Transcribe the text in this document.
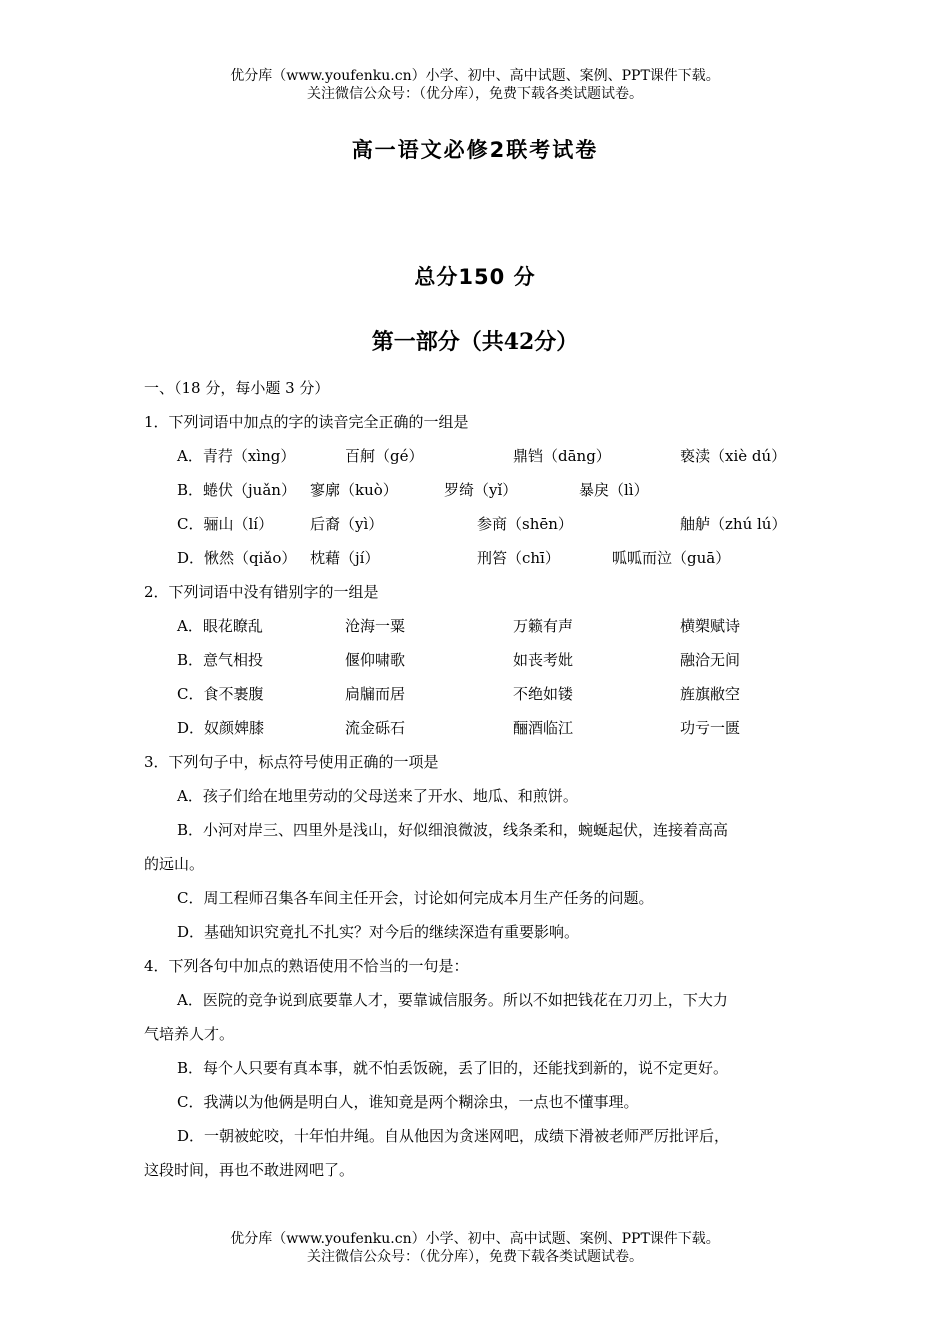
优分库（www.youfenku.cn）小学、初中、高中试题、案例、PPT课件下载。
关注微信公众号：（优分库），免费下载各类试题试卷。
高一语文必修2联考试卷
总分150 分
第一部分（共42分）
一、（18 分，每小题 3 分）
1．下列词语中加点的字的读音完全正确的一组是
A．青荇（xìng）	百舸（gé）	鼎铛（dāng）	亵渎（xiè dú）
B．蜷伏（juǎn） 寥廓（kuò）	罗绮（yǐ）	暴戾（lì）
C．骊山（lí） 后裔（yì）	参商（shēn）	舳舻（zhú lú）
D．愀然（qiǎo） 枕藉（jí）	刑笞（chī）	呱呱而泣（guā）
2．下列词语中没有错别字的一组是
A．眼花瞭乱	沧海一粟	万籁有声	横槊赋诗
B．意气相投	偃仰啸歌	如丧考妣	融洽无间
C．食不裹腹	扃牖而居	不绝如镂	旌旗敝空
D．奴颜婢膝	流金砾石	酾酒临江	功亏一匮
3．下列句子中，标点符号使用正确的一项是
A．孩子们给在地里劳动的父母送来了开水、地瓜、和煎饼。
B．小河对岸三、四里外是浅山，好似细浪微波，线条柔和，蜿蜒起伏，连接着高高
的远山。
C．周工程师召集各车间主任开会，讨论如何完成本月生产任务的问题。
D．基础知识究竟扎不扎实？对今后的继续深造有重要影响。
4．下列各句中加点的熟语使用不恰当的一句是：
A．医院的竞争说到底要靠人才，要靠诚信服务。所以不如把钱花在刀刃上，下大力
气培养人才。
B．每个人只要有真本事，就不怕丢饭碗，丢了旧的，还能找到新的，说不定更好。
C．我满以为他俩是明白人，谁知竟是两个糊涂虫，一点也不懂事理。
D．一朝被蛇咬，十年怕井绳。自从他因为贪迷网吧，成绩下滑被老师严厉批评后，
这段时间，再也不敢进网吧了。
优分库（www.youfenku.cn）小学、初中、高中试题、案例、PPT课件下载。
关注微信公众号：（优分库），免费下载各类试题试卷。
